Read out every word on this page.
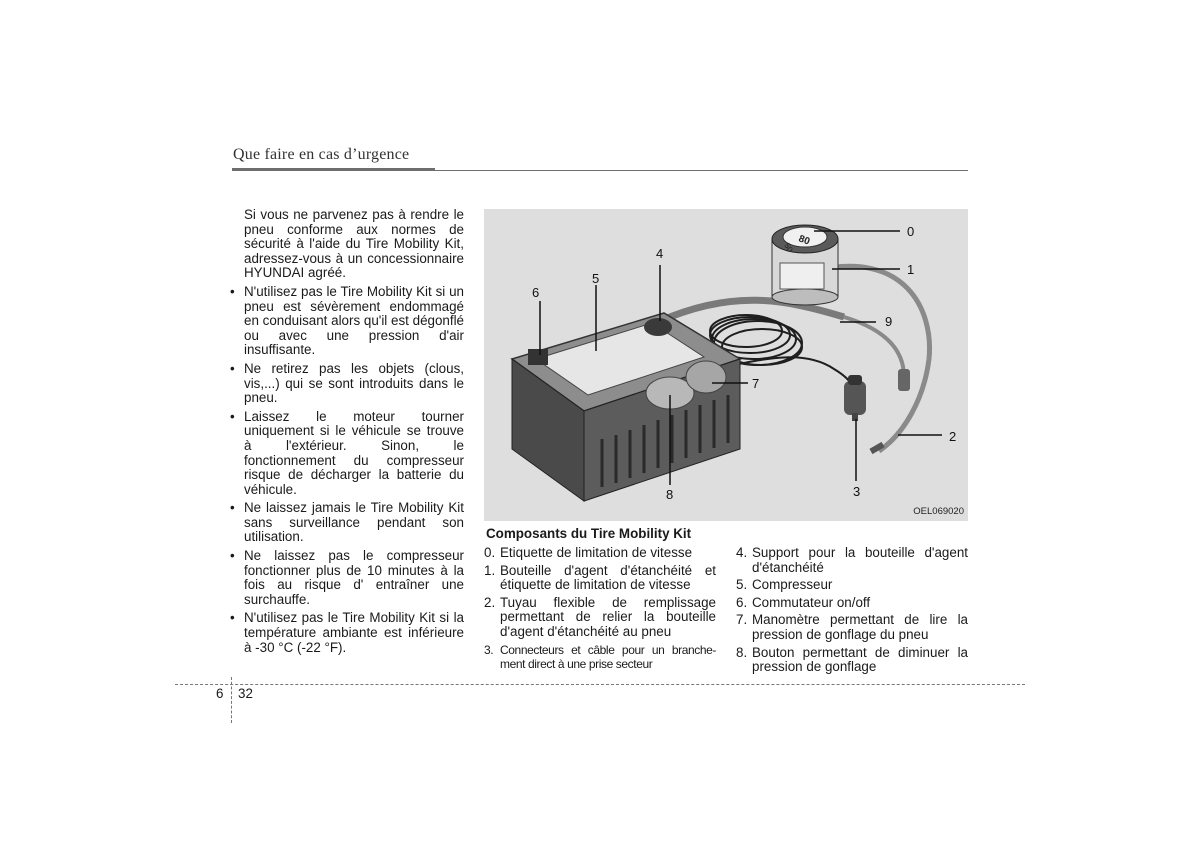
Que faire en cas d’urgence

Si vous ne parvenez pas à rendre le pneu conforme aux normes de sécurité à l'aide du Tire Mobility Kit, adressez-vous à un concessionnaire HYUNDAI agréé.

• N'utilisez pas le Tire Mobility Kit si un pneu est sévèrement endommagé en conduisant alors qu'il est dégonflé ou avec une pression d'air insuffisante.
• Ne retirez pas les objets (clous, vis,...) qui se sont introduits dans le pneu.
• Laissez le moteur tourner uniquement si le véhicule se trouve à l'extérieur. Sinon, le fonctionnement du compresseur risque de décharger la batterie du véhicule.
• Ne laissez jamais le Tire Mobility Kit sans surveillance pendant son utilisation.
• Ne laissez pas le compresseur fonctionner plus de 10 minutes à la fois au risque d' entraîner une surchauffe.
• N'utilisez pas le Tire Mobility Kit si la température ambiante est inférieure à -30 °C (-22 °F).
80
50
0
1
2
3
4
5
6
7
8
9
OEL069020
Composants du Tire Mobility Kit
0. Etiquette de limitation de vitesse
1. Bouteille d'agent d'étanchéité et étiquette de limitation de vitesse
2. Tuyau flexible de remplissage permettant de relier la bouteille d'agent d'étanchéité au pneu
3. Connecteurs et câble pour un branche-ment direct à une prise secteur
4. Support pour la bouteille d'agent d'étanchéité
5. Compresseur
6. Commutateur on/off
7. Manomètre permettant de lire la pression de gonflage du pneu
8. Bouton permettant de diminuer la pression de gonflage
6 32
